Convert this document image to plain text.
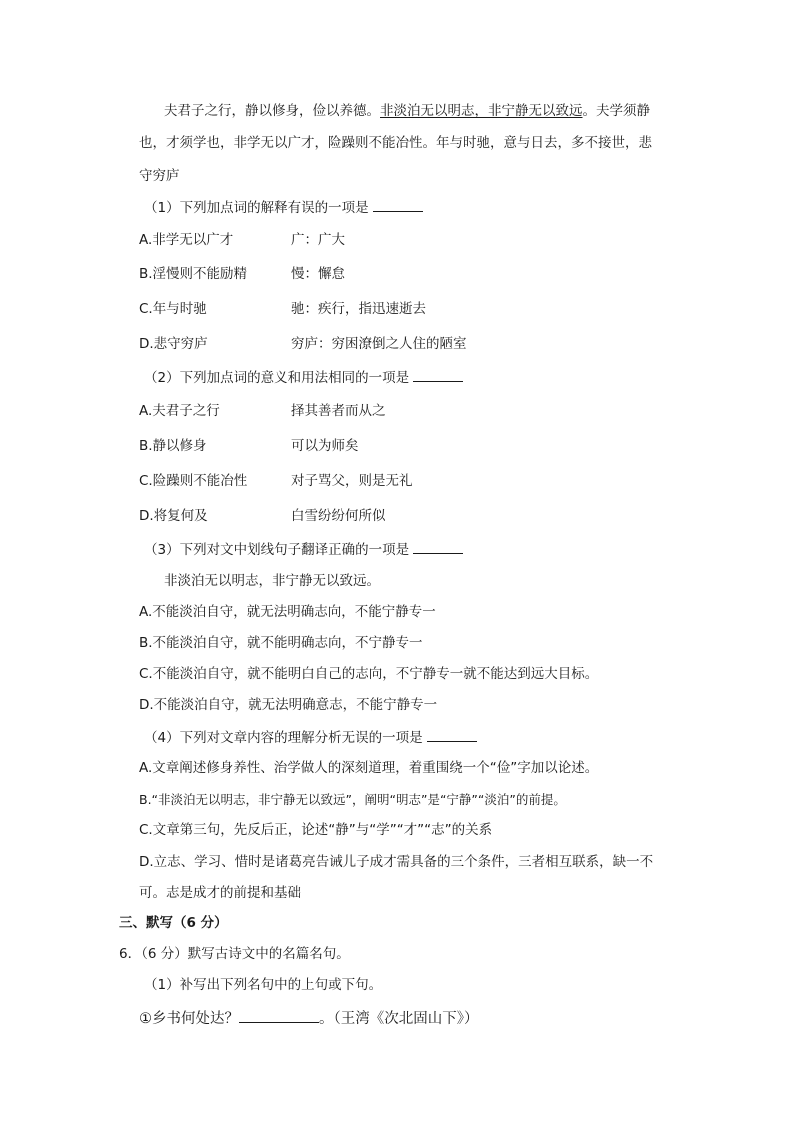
夫君子之行，静以修身，俭以养德。非淡泊无以明志，非宁静无以致远。夫学须静
也，才须学也，非学无以广才，险躁则不能冶性。年与时驰，意与日去，多不接世，悲
守穷庐
（1）下列加点词的解释有误的一项是
A.非学无以广才	广：广大
B.淫慢则不能励精	慢：懈怠
C.年与时驰	驰：疾行，指迅速逝去
D.悲守穷庐	穷庐：穷困潦倒之人住的陋室
（2）下列加点词的意义和用法相同的一项是
A.夫君子之行	择其善者而从之
B.静以修身	可以为师矣
C.险躁则不能冶性	对子骂父，则是无礼
D.将复何及	白雪纷纷何所似
（3）下列对文中划线句子翻译正确的一项是
非淡泊无以明志，非宁静无以致远。
A.不能淡泊自守，就无法明确志向，不能宁静专一
B.不能淡泊自守，就不能明确志向，不宁静专一
C.不能淡泊自守，就不能明白自己的志向，不宁静专一就不能达到远大目标。
D.不能淡泊自守，就无法明确意志，不能宁静专一
（4）下列对文章内容的理解分析无误的一项是
A.文章阐述修身养性、治学做人的深刻道理，着重围绕一个“俭”字加以论述。
B.“非淡泊无以明志，非宁静无以致远”，阐明“明志”是“宁静”“淡泊”的前提。
C.文章第三句，先反后正，论述“静”与“学”“才”“志”的关系
D.立志、学习、惜时是诸葛亮告诫儿子成才需具备的三个条件，三者相互联系，缺一不
可。志是成才的前提和基础
三、默写（6 分）
6．（6 分）默写古诗文中的名篇名句。
（1）补写出下列名句中的上句或下句。
①乡书何处达？	。（王湾《次北固山下》）
